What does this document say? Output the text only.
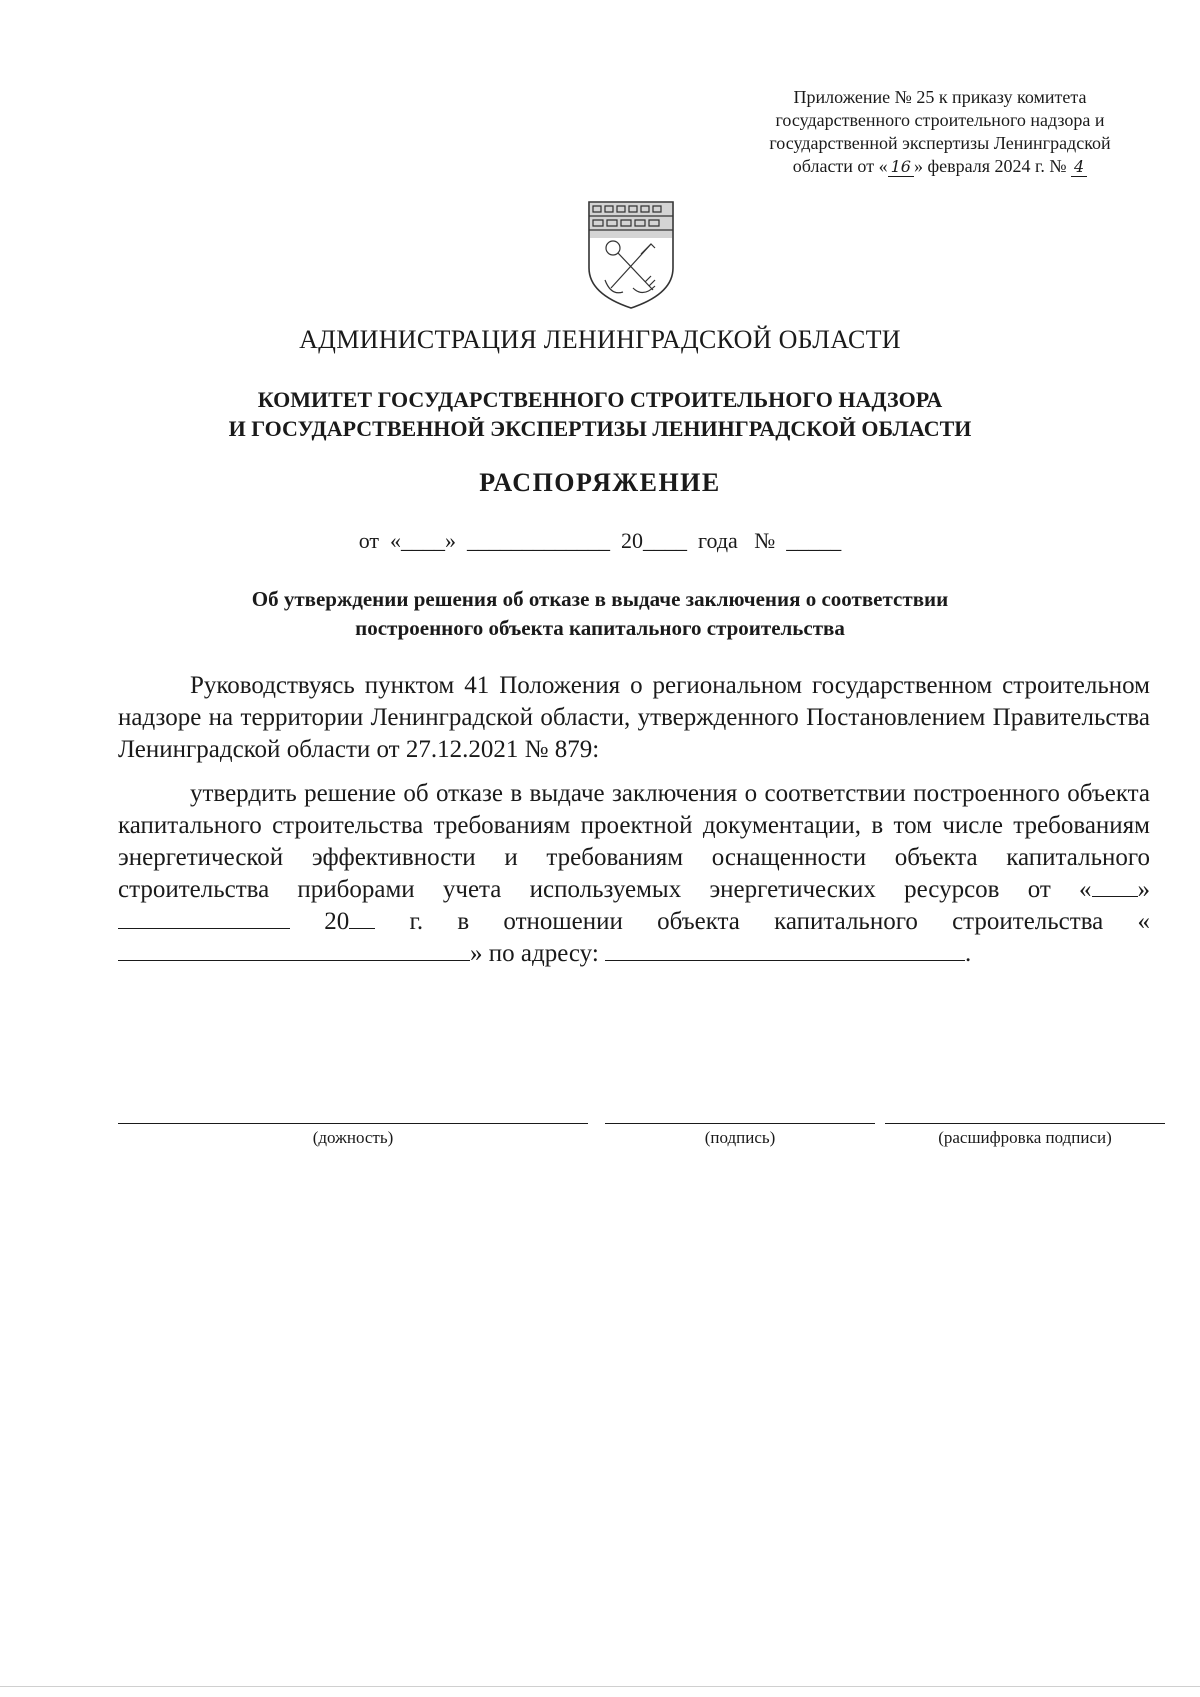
Приложение № 25 к приказу комитета
государственного строительного надзора и
государственной экспертизы Ленинградской
области от « 16 » февраля 2024 г. № 4
АДМИНИСТРАЦИЯ ЛЕНИНГРАДСКОЙ ОБЛАСТИ
КОМИТЕТ ГОСУДАРСТВЕННОГО СТРОИТЕЛЬНОГО НАДЗОРА
И ГОСУДАРСТВЕННОЙ ЭКСПЕРТИЗЫ ЛЕНИНГРАДСКОЙ ОБЛАСТИ
РАСПОРЯЖЕНИЕ
от  «____»  _____________  20____  года   №  _____
Об утверждении решения об отказе в выдаче заключения о соответствии
построенного объекта капитального строительства

Руководствуясь пунктом 41 Положения о региональном государственном строительном надзоре на территории Ленинградской области, утвержденного Постановлением Правительства Ленинградской области от 27.12.2021 № 879:

утвердить решение об отказе в выдаче заключения о соответствии построенного объекта капитального строительства требованиям проектной документации, в том числе требованиям энергетической эффективности и требованиям оснащенности объекта капитального строительства приборами учета используемых энергетических ресурсов от « »  20 г. в отношении объекта капитального строительства «» по адресу:	.

(дожность)	(подпись)	(расшифровка подписи)
